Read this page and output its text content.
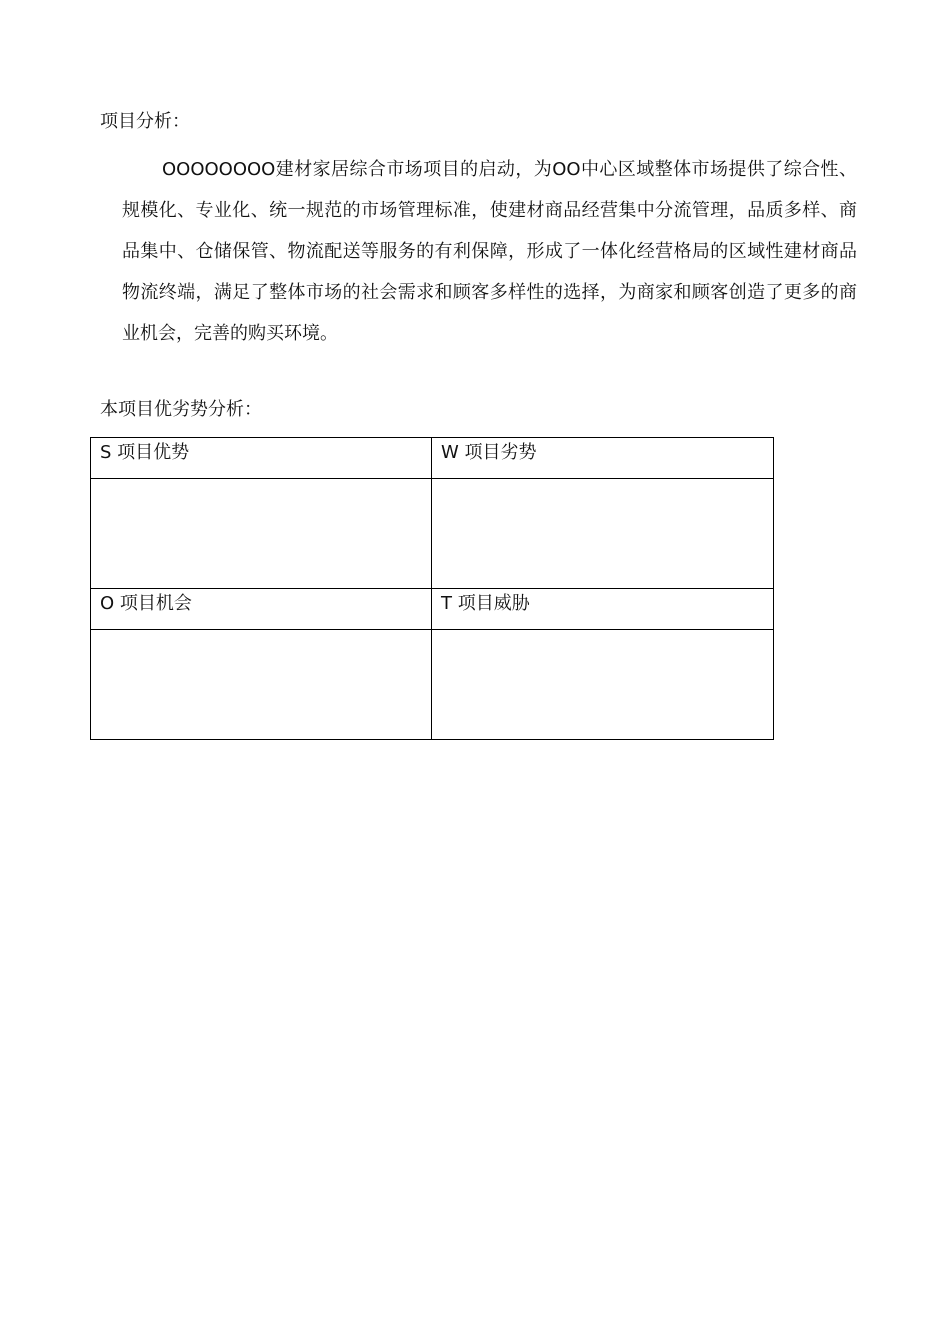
项目分析：
OOOOOOOO建材家居综合市场项目的启动，为OO中心区域整体市场提供了综合性、规模化、专业化、统一规范的市场管理标准，使建材商品经营集中分流管理，品质多样、商品集中、仓储保管、物流配送等服务的有利保障，形成了一体化经营格局的区域性建材商品物流终端，满足了整体市场的社会需求和顾客多样性的选择，为商家和顾客创造了更多的商业机会，完善的购买环境。
本项目优劣势分析：
S 项目优势	W 项目劣势

O 项目机会	T 项目威胁
